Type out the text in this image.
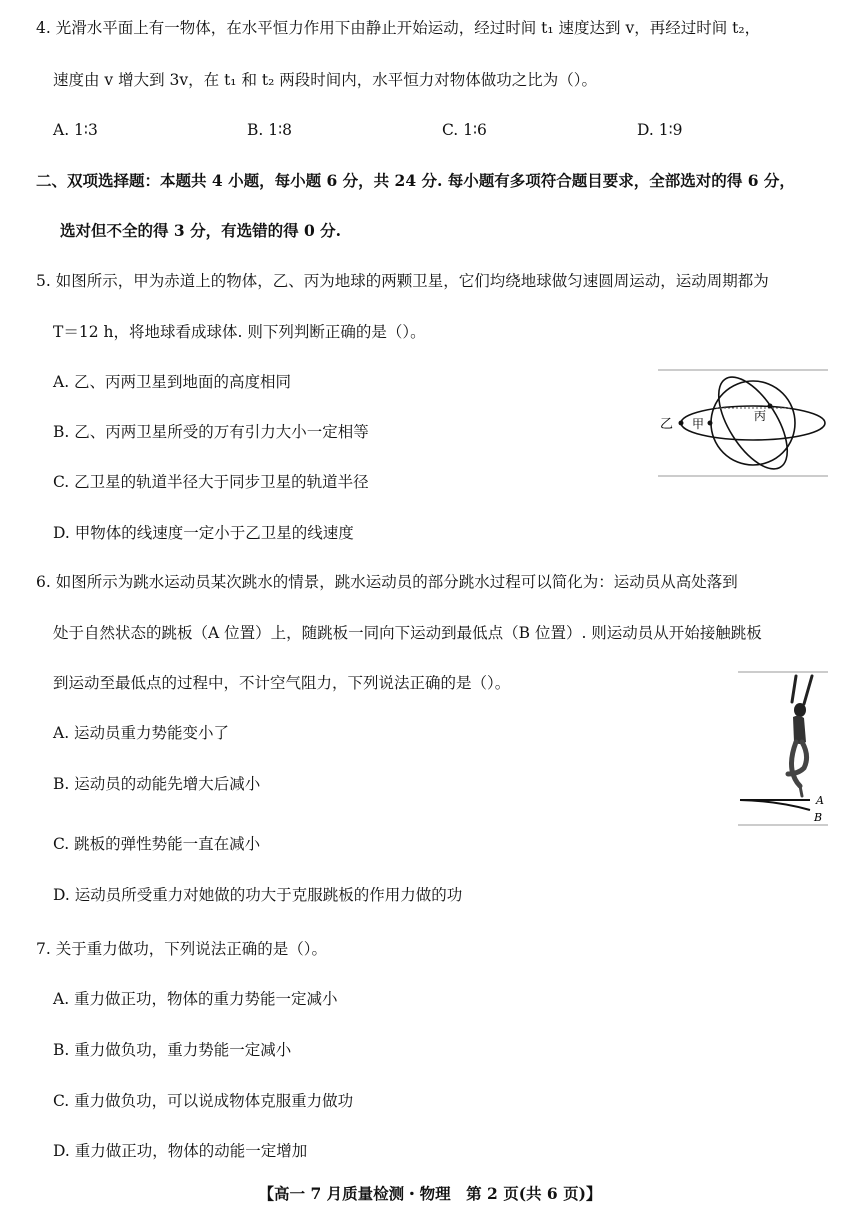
4. 光滑水平面上有一物体，在水平恒力作用下由静止开始运动，经过时间 t₁ 速度达到 v，再经过时间 t₂，
速度由 v 增大到 3v，在 t₁ 和 t₂ 两段时间内，水平恒力对物体做功之比为（）。
A. 1∶3	B. 1∶8	C. 1∶6	D. 1∶9
二、双项选择题：本题共 4 小题，每小题 6 分，共 24 分. 每小题有多项符合题目要求，全部选对的得 6 分，
选对但不全的得 3 分，有选错的得 0 分.
5. 如图所示，甲为赤道上的物体，乙、丙为地球的两颗卫星，它们均绕地球做匀速圆周运动，运动周期都为
T＝12 h，将地球看成球体. 则下列判断正确的是（）。
A. 乙、丙两卫星到地面的高度相同
B. 乙、丙两卫星所受的万有引力大小一定相等
C. 乙卫星的轨道半径大于同步卫星的轨道半径
D. 甲物体的线速度一定小于乙卫星的线速度
乙 甲
丙
6. 如图所示为跳水运动员某次跳水的情景，跳水运动员的部分跳水过程可以简化为：运动员从高处落到
处于自然状态的跳板（A 位置）上，随跳板一同向下运动到最低点（B 位置）. 则运动员从开始接触跳板
到运动至最低点的过程中，不计空气阻力，下列说法正确的是（）。
A. 运动员重力势能变小了
B. 运动员的动能先增大后减小
C. 跳板的弹性势能一直在减小
D. 运动员所受重力对她做的功大于克服跳板的作用力做的功
A
B
7. 关于重力做功，下列说法正确的是（）。
A. 重力做正功，物体的重力势能一定减小
B. 重力做负功，重力势能一定减小
C. 重力做负功，可以说成物体克服重力做功
D. 重力做正功，物体的动能一定增加
【高一 7 月质量检测・物理　第 2 页(共 6 页)】
